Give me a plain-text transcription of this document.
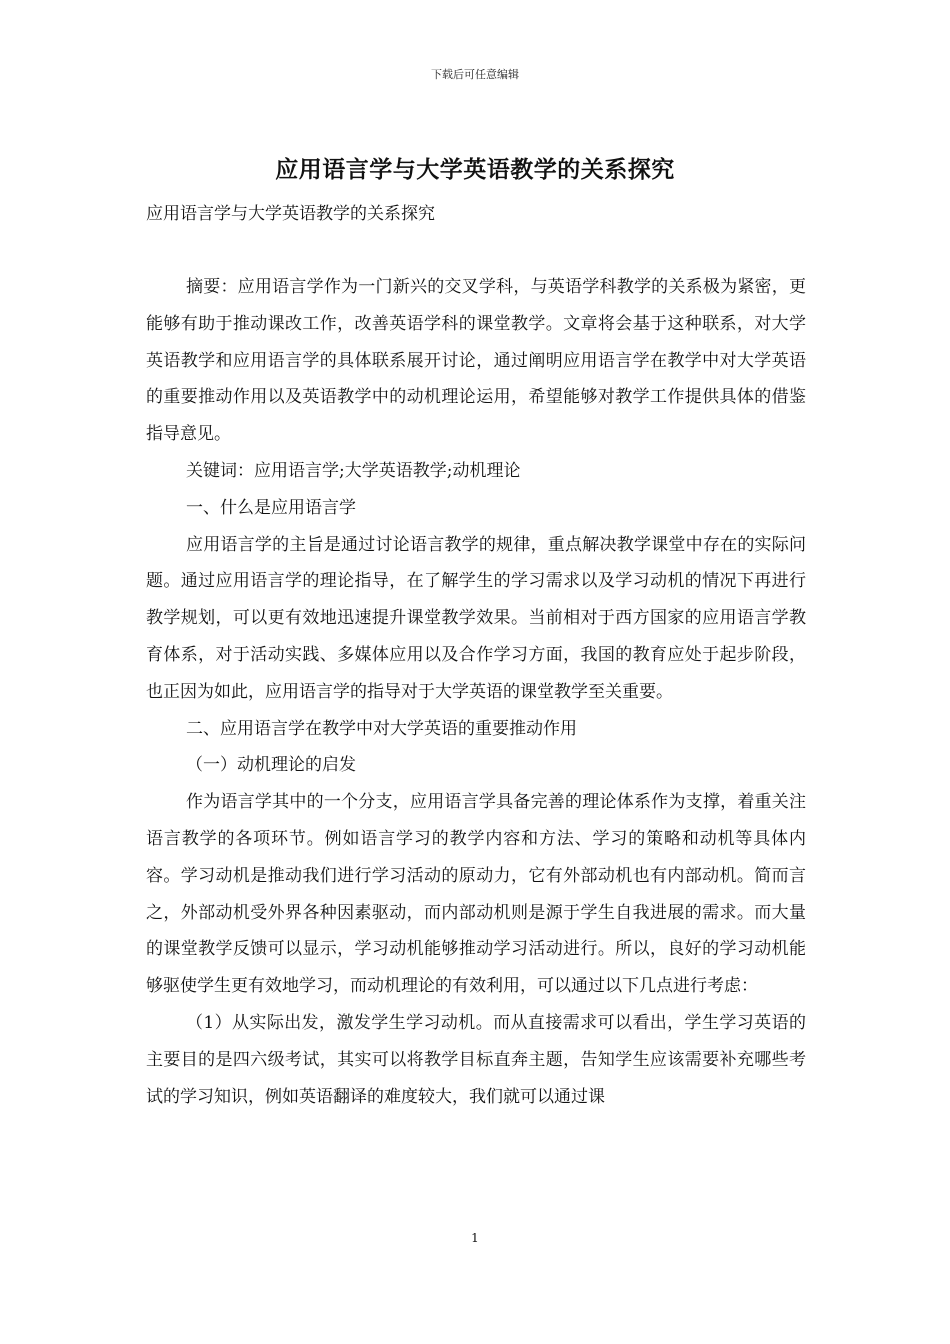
下载后可任意编辑
应用语言学与大学英语教学的关系探究
应用语言学与大学英语教学的关系探究

摘要：应用语言学作为一门新兴的交叉学科，与英语学科教学的关系极为紧密，更能够有助于推动课改工作，改善英语学科的课堂教学。文章将会基于这种联系，对大学英语教学和应用语言学的具体联系展开讨论，通过阐明应用语言学在教学中对大学英语的重要推动作用以及英语教学中的动机理论运用，希望能够对教学工作提供具体的借鉴指导意见。

关键词：应用语言学;大学英语教学;动机理论

一、什么是应用语言学

应用语言学的主旨是通过讨论语言教学的规律，重点解决教学课堂中存在的实际问题。通过应用语言学的理论指导，在了解学生的学习需求以及学习动机的情况下再进行教学规划，可以更有效地迅速提升课堂教学效果。当前相对于西方国家的应用语言学教育体系，对于活动实践、多媒体应用以及合作学习方面，我国的教育应处于起步阶段，也正因为如此，应用语言学的指导对于大学英语的课堂教学至关重要。

二、应用语言学在教学中对大学英语的重要推动作用

（一）动机理论的启发

作为语言学其中的一个分支，应用语言学具备完善的理论体系作为支撑，着重关注语言教学的各项环节。例如语言学习的教学内容和方法、学习的策略和动机等具体内容。学习动机是推动我们进行学习活动的原动力，它有外部动机也有内部动机。简而言之，外部动机受外界各种因素驱动，而内部动机则是源于学生自我进展的需求。而大量的课堂教学反馈可以显示，学习动机能够推动学习活动进行。所以，良好的学习动机能够驱使学生更有效地学习，而动机理论的有效利用，可以通过以下几点进行考虑：

（1）从实际出发，激发学生学习动机。而从直接需求可以看出，学生学习英语的主要目的是四六级考试，其实可以将教学目标直奔主题，告知学生应该需要补充哪些考试的学习知识，例如英语翻译的难度较大，我们就可以通过课

1
